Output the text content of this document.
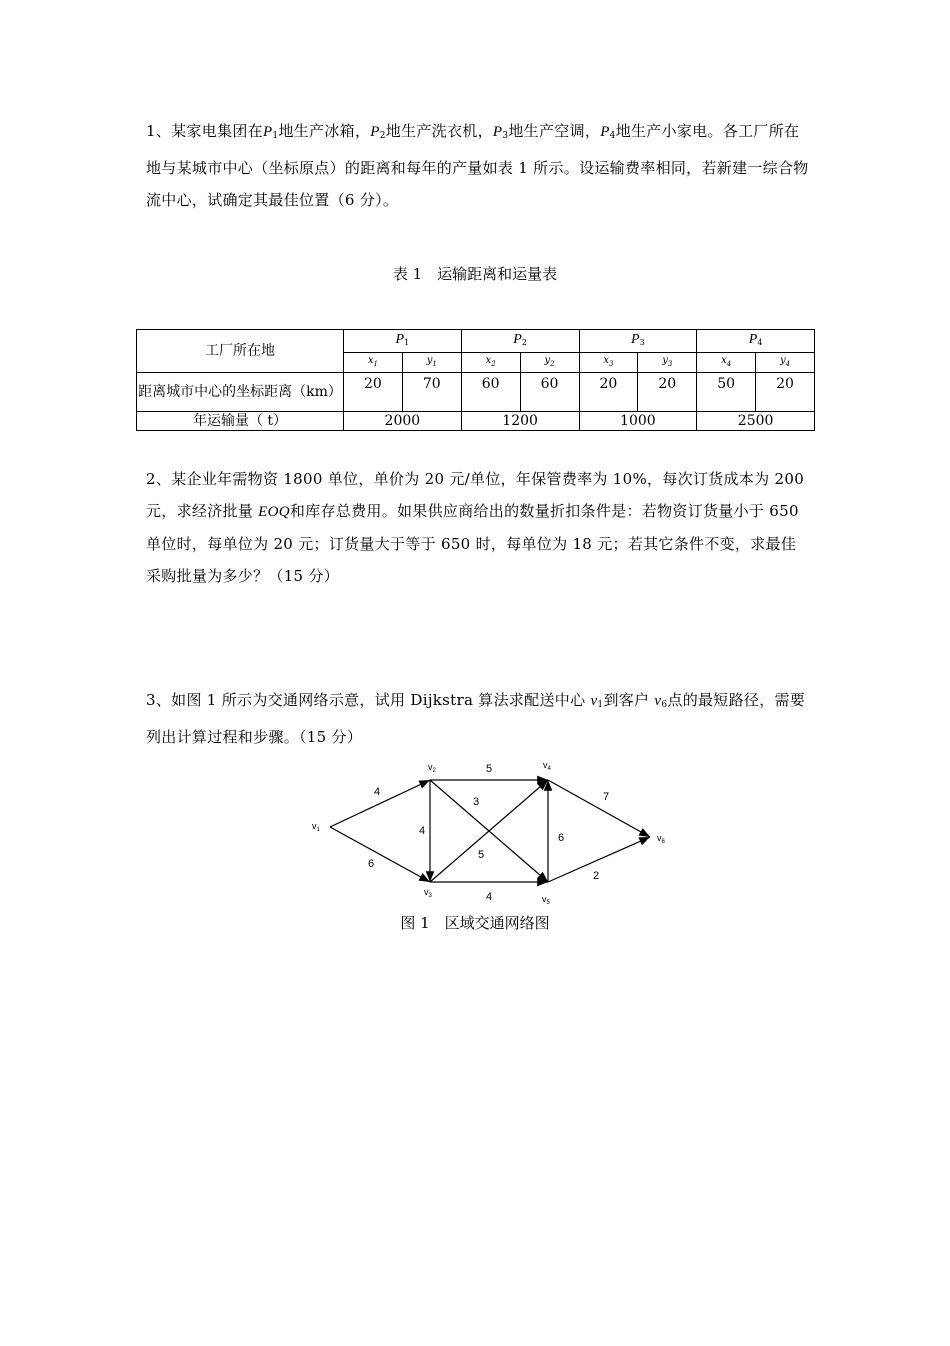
1、某家电集团在$P_1$地生产冰箱，$P_2$地生产洗衣机，$P_3$地生产空调，$P_4$地生产小家电。各工厂所在地与某城市中心（坐标原点）的距离和每年的产量如表 1 所示。设运输费率相同，若新建一综合物流中心，试确定其最佳位置（6 分）。
表 1　运输距离和运量表
工厂所在地	$P_1$		$P_2$		$P_3$		$P_4$
	$x_1$	$y_1$	$x_2$	$y_2$	$x_3$	$y_3$	$x_4$	$y_4$
距离城市中心的坐标距离（km）	20	70	60	60	20	20	50	20
年运输量（ t）	2000		1200		1000		2500	
2、某企业年需物资 1800 单位，单价为 20 元/单位，年保管费率为 10%，每次订货成本为 200 元，求经济批量 EOQ和库存总费用。如果供应商给出的数量折扣条件是：若物资订货量小于 650 单位时，每单位为 20 元；订货量大于等于 650 时，每单位为 18 元；若其它条件不变，求最佳采购批量为多少？（15 分）
3、如图 1 所示为交通网络示意，试用 Dijkstra 算法求配送中心 $v_1$到客户 $v_6$点的最短路径，需要列出计算过程和步骤。（15 分）
4
6
4
5
3
5
4
6
7
2
$v_1$
$v_2$
$v_3$
$v_4$
$v_5$
$v_6$
图 1　区域交通网络图
